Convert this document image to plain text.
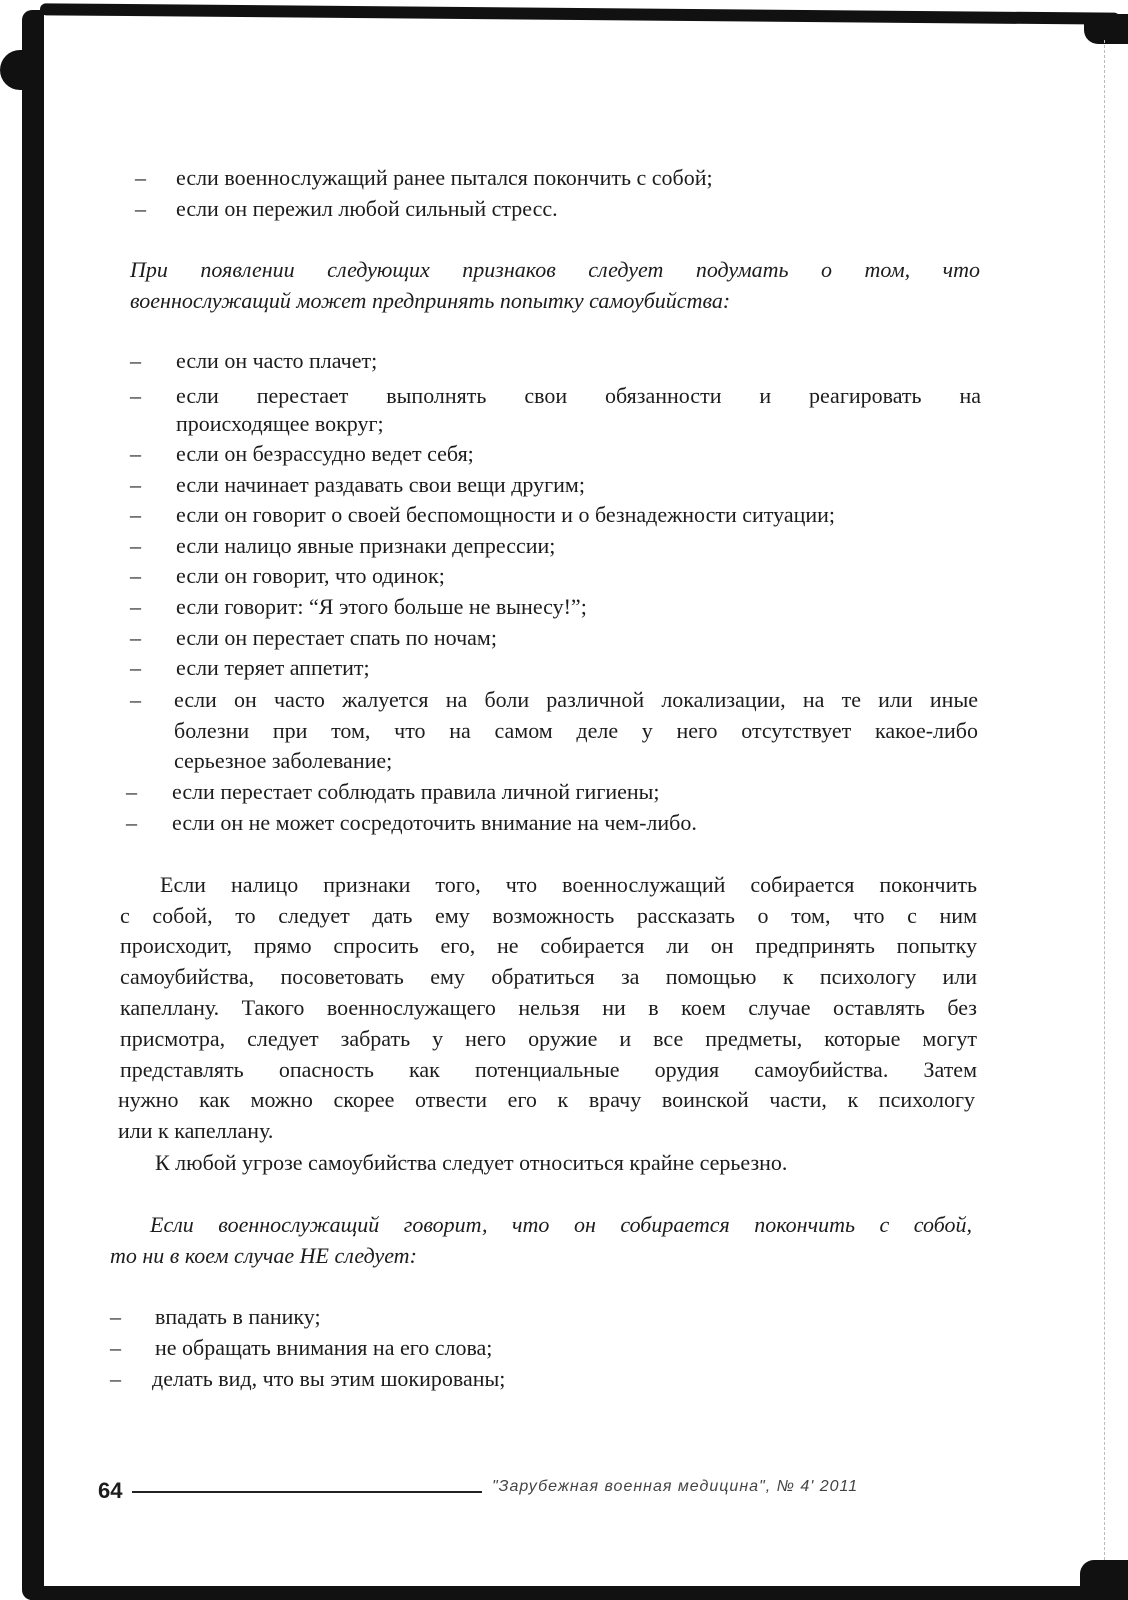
– если военнослужащий ранее пытался покончить с собой;
– если он пережил любой сильный стресс.
При появлении следующих признаков следует подумать о том, что
военнослужащий может предпринять попытку самоубийства:
– если он часто плачет;
– если перестает выполнять свои обязанности и реагировать на
происходящее вокруг;
– если он безрассудно ведет себя;
– если начинает раздавать свои вещи другим;
– если он говорит о своей беспомощности и о безнадежности ситуации;
– если налицо явные признаки депрессии;
– если он говорит, что одинок;
– если говорит: “Я этого больше не вынесу!”;
– если он перестает спать по ночам;
– если теряет аппетит;
– если он часто жалуется на боли различной локализации, на те или иные
болезни при том, что на самом деле у него отсутствует какое-либо
серьезное заболевание;
– если перестает соблюдать правила личной гигиены;
– если он не может сосредоточить внимание на чем-либо.
Если налицо признаки того, что военнослужащий собирается покончить
с собой, то следует дать ему возможность рассказать о том, что с ним
происходит, прямо спросить его, не собирается ли он предпринять попытку
самоубийства, посоветовать ему обратиться за помощью к психологу или
капеллану. Такого военнослужащего нельзя ни в коем случае оставлять без
присмотра, следует забрать у него оружие и все предметы, которые могут
представлять опасность как потенциальные орудия самоубийства. Затем
нужно как можно скорее отвести его к врачу воинской части, к психологу
или к капеллану.
К любой угрозе самоубийства следует относиться крайне серьезно.
Если военнослужащий говорит, что он собирается покончить с собой,
то ни в коем случае НЕ следует:
– впадать в панику;
– не обращать внимания на его слова;
– делать вид, что вы этим шокированы;
64	"Зарубежная военная медицина", № 4' 2011
